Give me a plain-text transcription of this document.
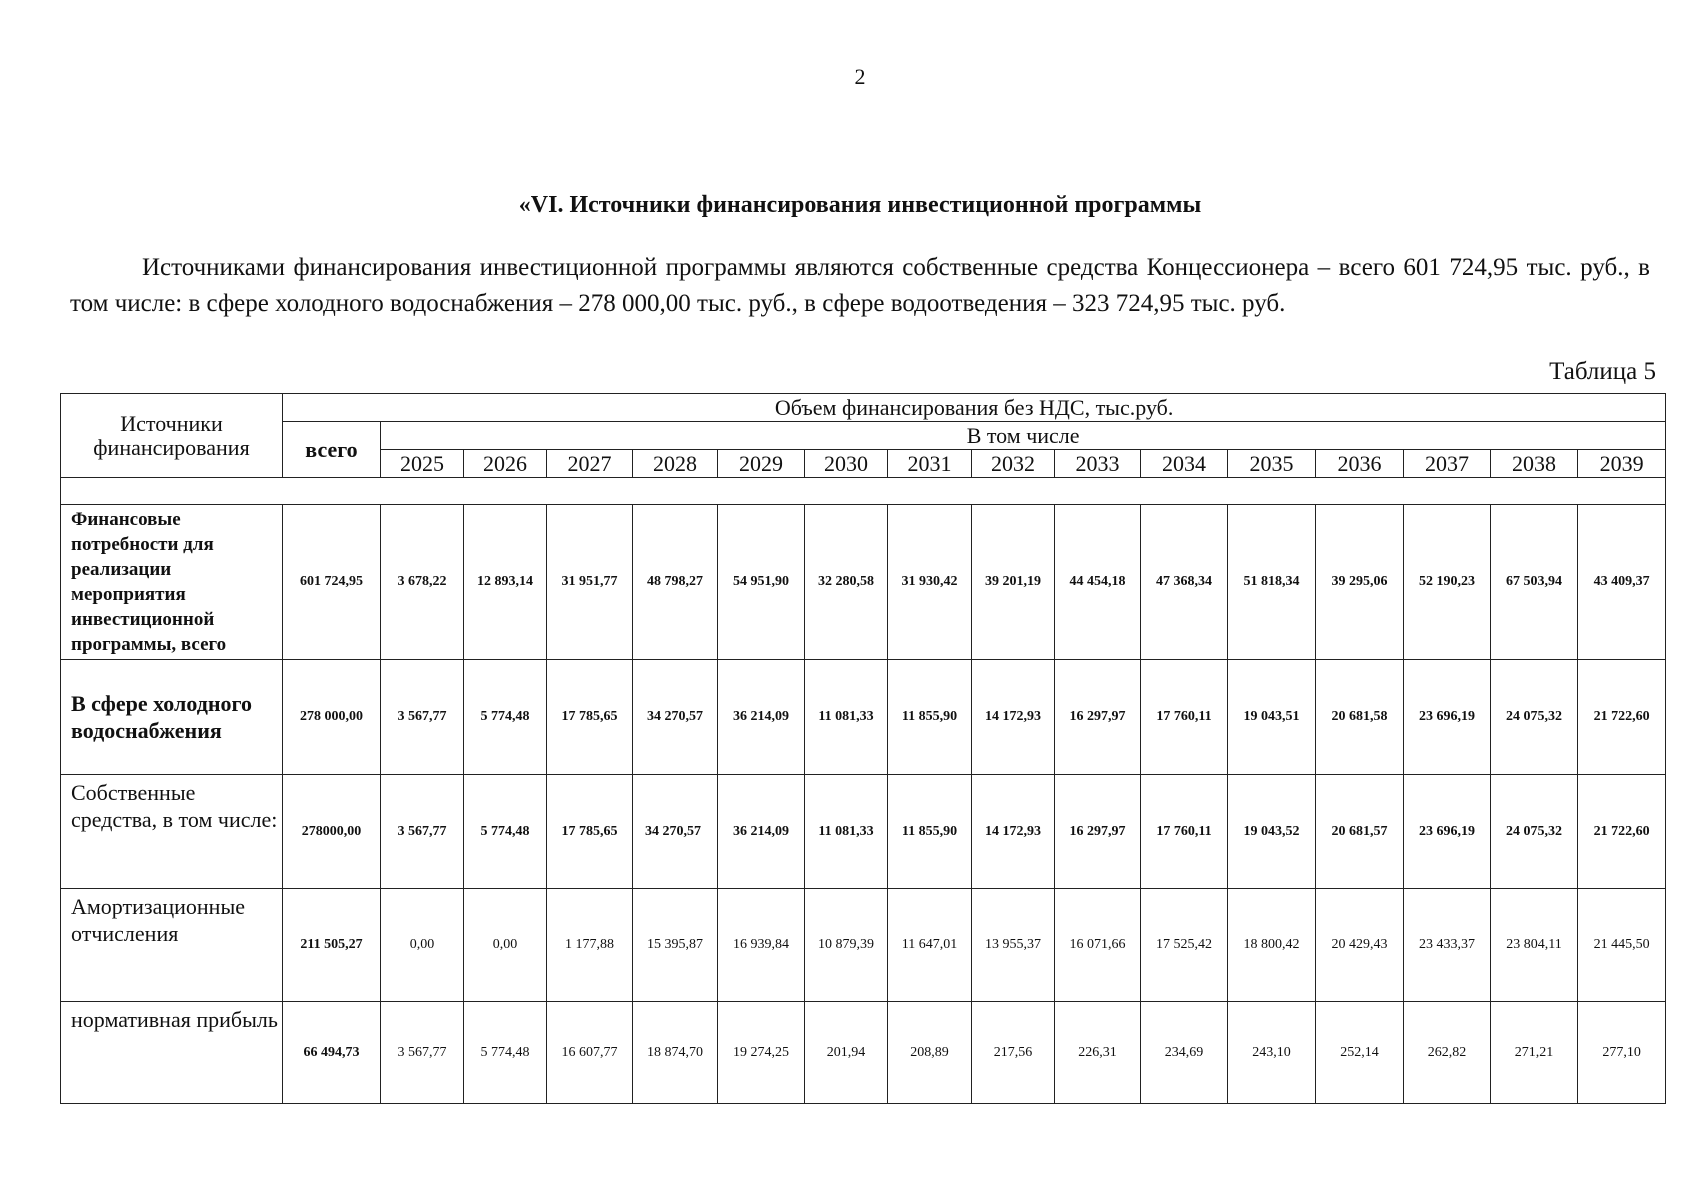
2
«VI. Источники финансирования инвестиционной программы
Источниками финансирования инвестиционной программы являются собственные средства Концессионера – всего 601 724,95 тыс. руб., в том числе: в сфере холодного водоснабжения – 278 000,00 тыс. руб., в сфере водоотведения – 323 724,95 тыс. руб.
Таблица 5
Источники финансирования	Объем финансирования без НДС, тыс.руб.															
	всего	В том числе														
		2025	2026	2027	2028	2029	2030	2031	2032	2033	2034	2035	2036	2037	2038	2039

Финансовые потребности для реализации мероприятия инвестиционной программы, всего	601 724,95	3 678,22	12 893,14	31 951,77	48 798,27	54 951,90	32 280,58	31 930,42	39 201,19	44 454,18	47 368,34	51 818,34	39 295,06	52 190,23	67 503,94	43 409,37
В сфере холодного водоснабжения	278 000,00	3 567,77	5 774,48	17 785,65	34 270,57	36 214,09	11 081,33	11 855,90	14 172,93	16 297,97	17 760,11	19 043,51	20 681,58	23 696,19	24 075,32	21 722,60
Собственные средства, в том числе:	278000,00	3 567,77	5 774,48	17 785,65	34 270,57	36 214,09	11 081,33	11 855,90	14 172,93	16 297,97	17 760,11	19 043,52	20 681,57	23 696,19	24 075,32	21 722,60
Амортизационные отчисления	211 505,27	0,00	0,00	1 177,88	15 395,87	16 939,84	10 879,39	11 647,01	13 955,37	16 071,66	17 525,42	18 800,42	20 429,43	23 433,37	23 804,11	21 445,50
нормативная прибыль	66 494,73	3 567,77	5 774,48	16 607,77	18 874,70	19 274,25	201,94	208,89	217,56	226,31	234,69	243,10	252,14	262,82	271,21	277,10
